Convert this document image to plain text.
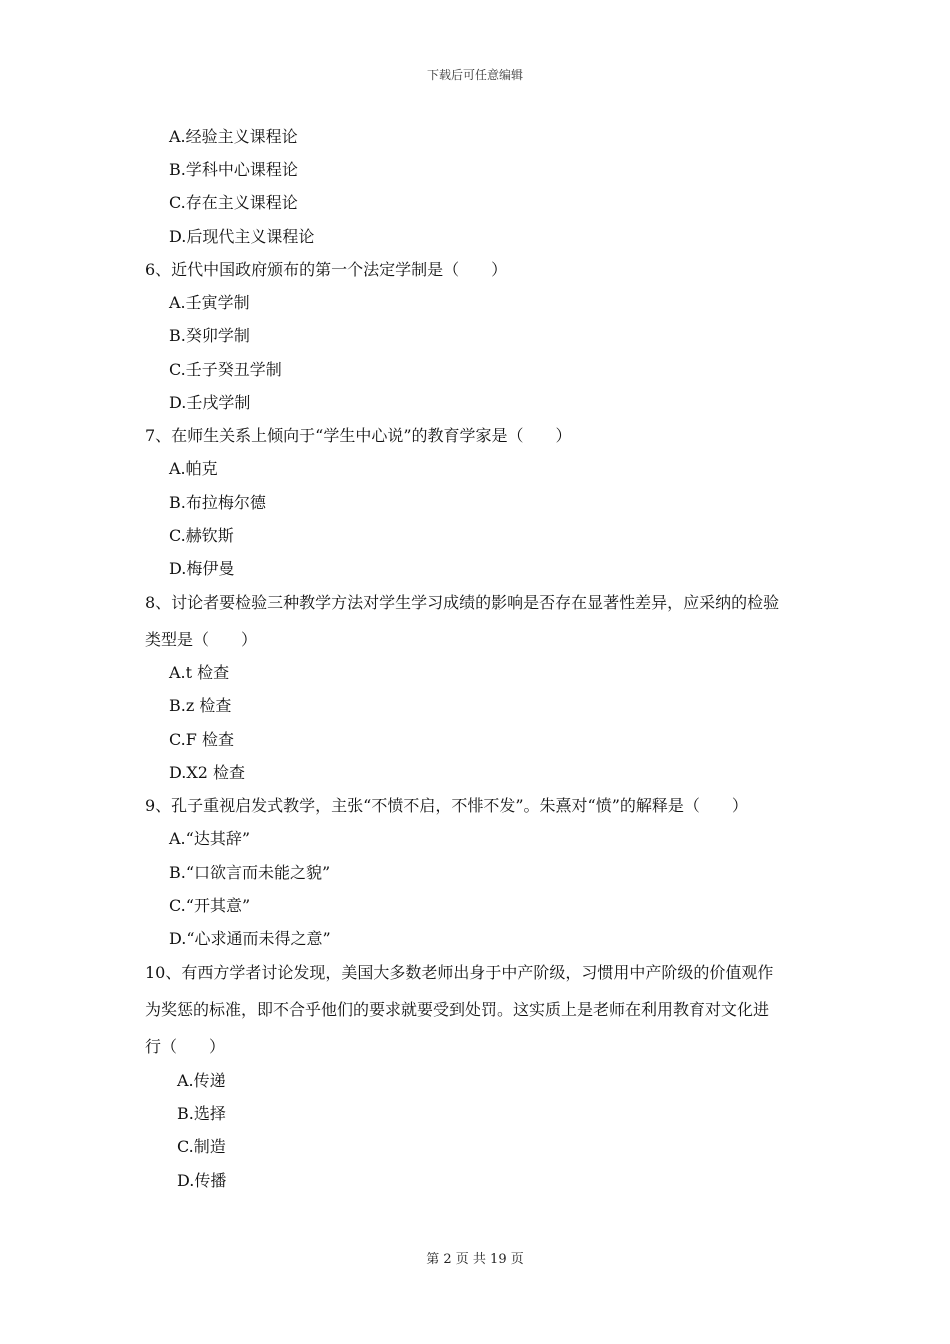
下载后可任意编辑
A.经验主义课程论
B.学科中心课程论
C.存在主义课程论
D.后现代主义课程论
6、近代中国政府颁布的第一个法定学制是（　　）
A.壬寅学制
B.癸卯学制
C.壬子癸丑学制
D.壬戌学制
7、在师生关系上倾向于“学生中心说”的教育学家是（　　）
A.帕克
B.布拉梅尔德
C.赫钦斯
D.梅伊曼
8、讨论者要检验三种教学方法对学生学习成绩的影响是否存在显著性差异，应采纳的检验
类型是（　　）
A.t 检查
B.z 检查
C.F 检查
D.X2 检查
9、孔子重视启发式教学，主张“不愤不启，不悱不发”。朱熹对“愤”的解释是（　　）
A.“达其辞”
B.“口欲言而未能之貌”
C.“开其意”
D.“心求通而未得之意”
10、有西方学者讨论发现，美国大多数老师出身于中产阶级，习惯用中产阶级的价值观作
为奖惩的标准，即不合乎他们的要求就要受到处罚。这实质上是老师在利用教育对文化进
行（　　）
A.传递
B.选择
C.制造
D.传播
第 2 页 共 19 页
